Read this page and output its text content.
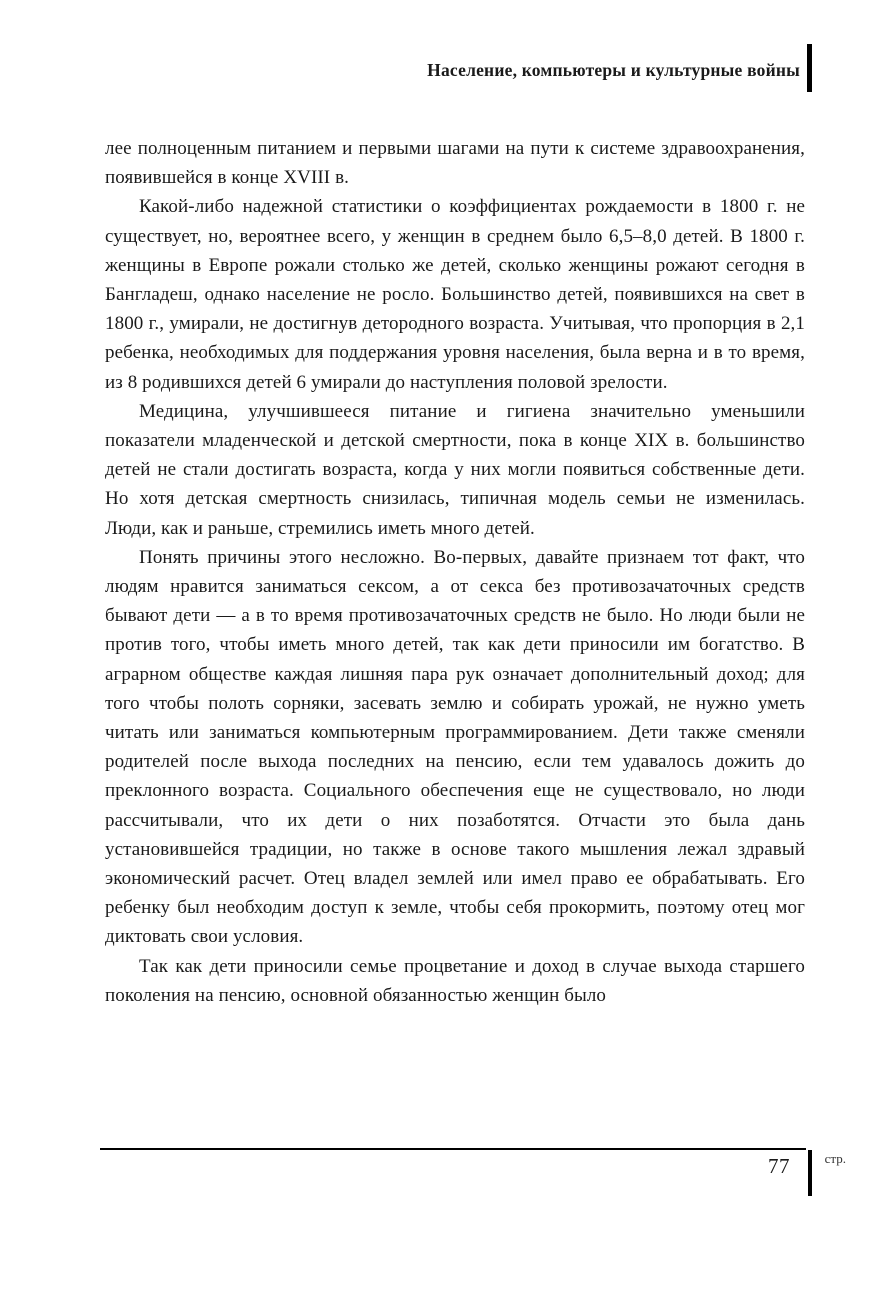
Население, компьютеры и культурные войны

лее полноценным питанием и первыми шагами на пути к системе здравоохранения, появившейся в конце XVIII в.

Какой-либо надежной статистики о коэффициентах рождаемости в 1800 г. не существует, но, вероятнее всего, у женщин в среднем было 6,5–8,0 детей. В 1800 г. женщины в Европе рожали столько же детей, сколько женщины рожают сегодня в Бангладеш, однако население не росло. Большинство детей, появившихся на свет в 1800 г., умирали, не достигнув детородного возраста. Учитывая, что пропорция в 2,1 ребенка, необходимых для поддержания уровня населения, была верна и в то время, из 8 родившихся детей 6 умирали до наступления половой зрелости.

Медицина, улучшившееся питание и гигиена значительно уменьшили показатели младенческой и детской смертности, пока в конце XIX в. большинство детей не стали достигать возраста, когда у них могли появиться собственные дети. Но хотя детская смертность снизилась, типичная модель семьи не изменилась. Люди, как и раньше, стремились иметь много детей.

Понять причины этого несложно. Во-первых, давайте признаем тот факт, что людям нравится заниматься сексом, а от секса без противозачаточных средств бывают дети — а в то время противозачаточных средств не было. Но люди были не против того, чтобы иметь много детей, так как дети приносили им богатство. В аграрном обществе каждая лишняя пара рук означает дополнительный доход; для того чтобы полоть сорняки, засевать землю и собирать урожай, не нужно уметь читать или заниматься компьютерным программированием. Дети также сменяли родителей после выхода последних на пенсию, если тем удавалось дожить до преклонного возраста. Социального обеспечения еще не существовало, но люди рассчитывали, что их дети о них позаботятся. Отчасти это была дань установившейся традиции, но также в основе такого мышления лежал здравый экономический расчет. Отец владел землей или имел право ее обрабатывать. Его ребенку был необходим доступ к земле, чтобы себя прокормить, поэтому отец мог диктовать свои условия.

Так как дети приносили семье процветание и доход в случае выхода старшего поколения на пенсию, основной обязанностью женщин было

77	стр.
